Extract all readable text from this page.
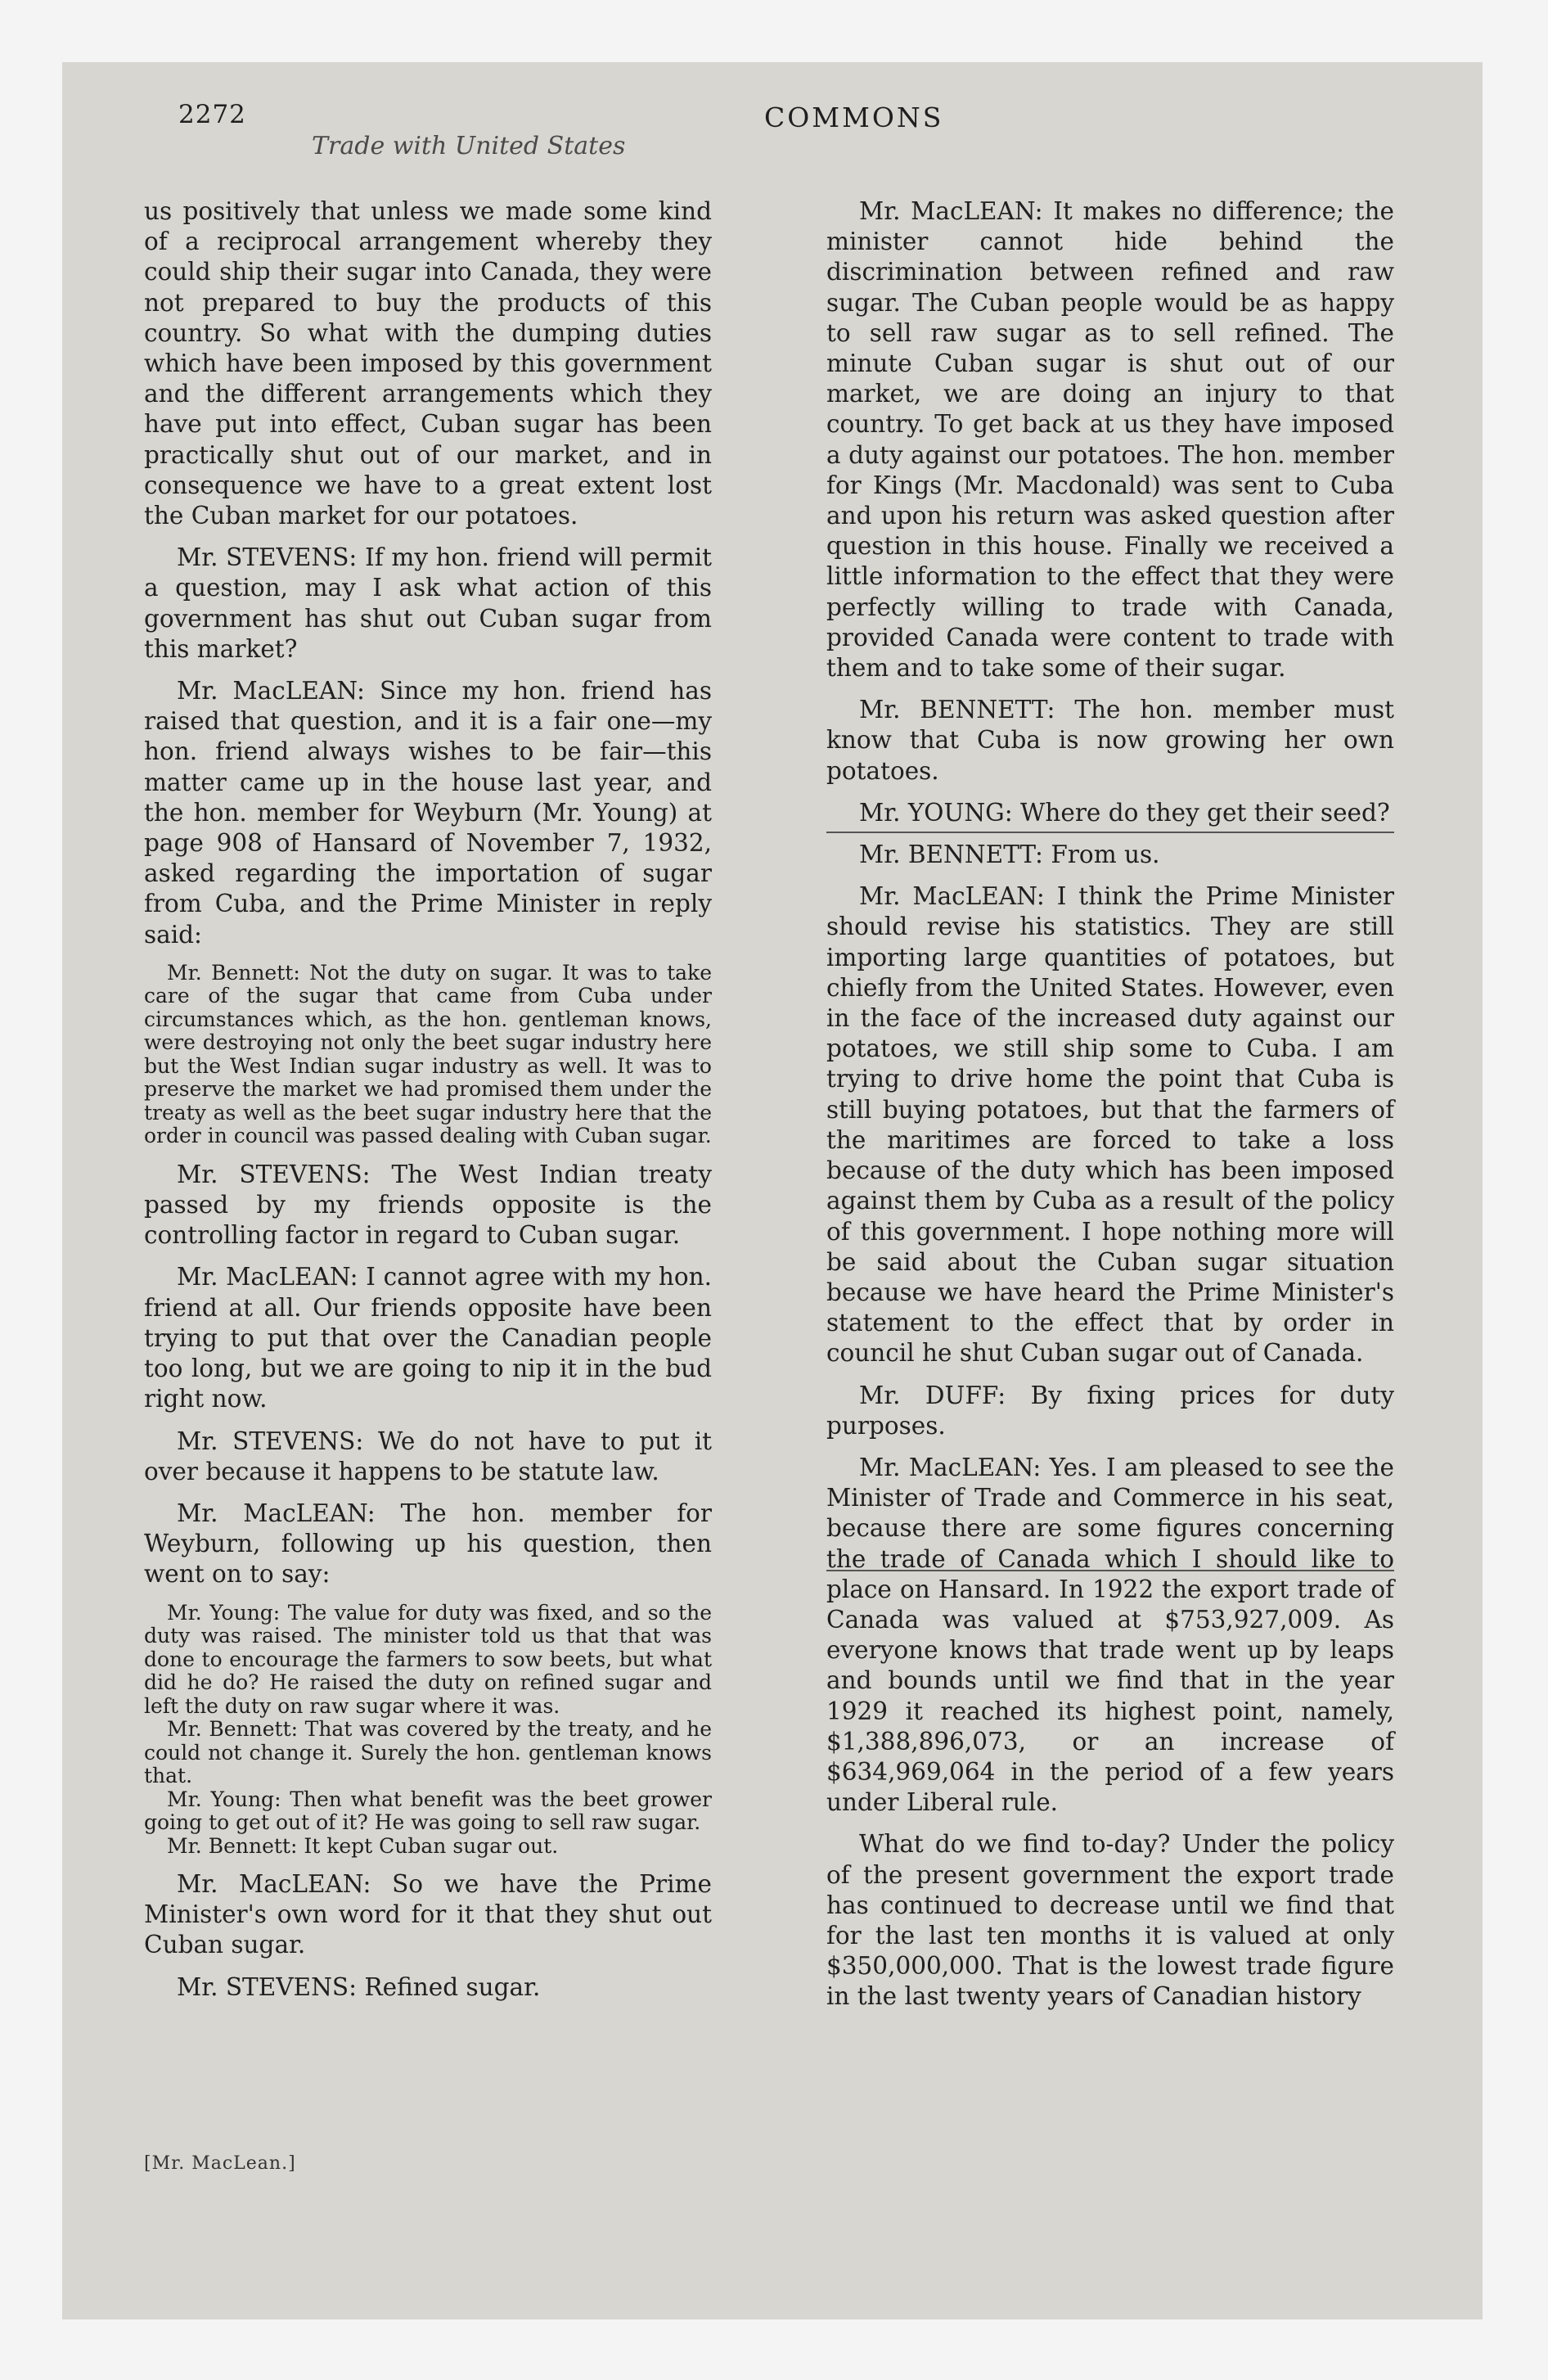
2272
Trade with United States
COMMONS

us positively that unless we made some kind of a reciprocal arrangement whereby they could ship their sugar into Canada, they were not prepared to buy the products of this country. So what with the dumping duties which have been imposed by this government and the different arrangements which they have put into effect, Cuban sugar has been practically shut out of our market, and in consequence we have to a great extent lost the Cuban market for our potatoes.

Mr. STEVENS: If my hon. friend will permit a question, may I ask what action of this government has shut out Cuban sugar from this market?

Mr. MacLEAN: Since my hon. friend has raised that question, and it is a fair one—my hon. friend always wishes to be fair—this matter came up in the house last year, and the hon. member for Weyburn (Mr. Young) at page 908 of Hansard of November 7, 1932, asked regarding the importation of sugar from Cuba, and the Prime Minister in reply said:

Mr. Bennett: Not the duty on sugar. It was to take care of the sugar that came from Cuba under circumstances which, as the hon. gentleman knows, were destroying not only the beet sugar industry here but the West Indian sugar industry as well. It was to preserve the market we had promised them under the treaty as well as the beet sugar industry here that the order in council was passed dealing with Cuban sugar.

Mr. STEVENS: The West Indian treaty passed by my friends opposite is the controlling factor in regard to Cuban sugar.

Mr. MacLEAN: I cannot agree with my hon. friend at all. Our friends opposite have been trying to put that over the Canadian people too long, but we are going to nip it in the bud right now.

Mr. STEVENS: We do not have to put it over because it happens to be statute law.

Mr. MacLEAN: The hon. member for Weyburn, following up his question, then went on to say:

Mr. Young: The value for duty was fixed, and so the duty was raised. The minister told us that that was done to encourage the farmers to sow beets, but what did he do? He raised the duty on refined sugar and left the duty on raw sugar where it was.

Mr. Bennett: That was covered by the treaty, and he could not change it. Surely the hon. gentleman knows that.

Mr. Young: Then what benefit was the beet grower going to get out of it? He was going to sell raw sugar.

Mr. Bennett: It kept Cuban sugar out.

Mr. MacLEAN: So we have the Prime Minister's own word for it that they shut out Cuban sugar.

Mr. STEVENS: Refined sugar.

[Mr. MacLean.]

Mr. MacLEAN: It makes no difference; the minister cannot hide behind the discrimination between refined and raw sugar. The Cuban people would be as happy to sell raw sugar as to sell refined. The minute Cuban sugar is shut out of our market, we are doing an injury to that country. To get back at us they have imposed a duty against our potatoes. The hon. member for Kings (Mr. Macdonald) was sent to Cuba and upon his return was asked question after question in this house. Finally we received a little information to the effect that they were perfectly willing to trade with Canada, provided Canada were content to trade with them and to take some of their sugar.

Mr. BENNETT: The hon. member must know that Cuba is now growing her own potatoes.

Mr. YOUNG: Where do they get their seed?

Mr. BENNETT: From us.

Mr. MacLEAN: I think the Prime Minister should revise his statistics. They are still importing large quantities of potatoes, but chiefly from the United States. However, even in the face of the increased duty against our potatoes, we still ship some to Cuba. I am trying to drive home the point that Cuba is still buying potatoes, but that the farmers of the maritimes are forced to take a loss because of the duty which has been imposed against them by Cuba as a result of the policy of this government. I hope nothing more will be said about the Cuban sugar situation because we have heard the Prime Minister's statement to the effect that by order in council he shut Cuban sugar out of Canada.

Mr. DUFF: By fixing prices for duty purposes.

Mr. MacLEAN: Yes. I am pleased to see the Minister of Trade and Commerce in his seat, because there are some figures concerning the trade of Canada which I should like to place on Hansard. In 1922 the export trade of Canada was valued at $753,927,009. As everyone knows that trade went up by leaps and bounds until we find that in the year 1929 it reached its highest point, namely, $1,388,896,073, or an increase of $634,969,064 in the period of a few years under Liberal rule.

What do we find to-day? Under the policy of the present government the export trade has continued to decrease until we find that for the last ten months it is valued at only $350,000,000. That is the lowest trade figure in the last twenty years of Canadian history
